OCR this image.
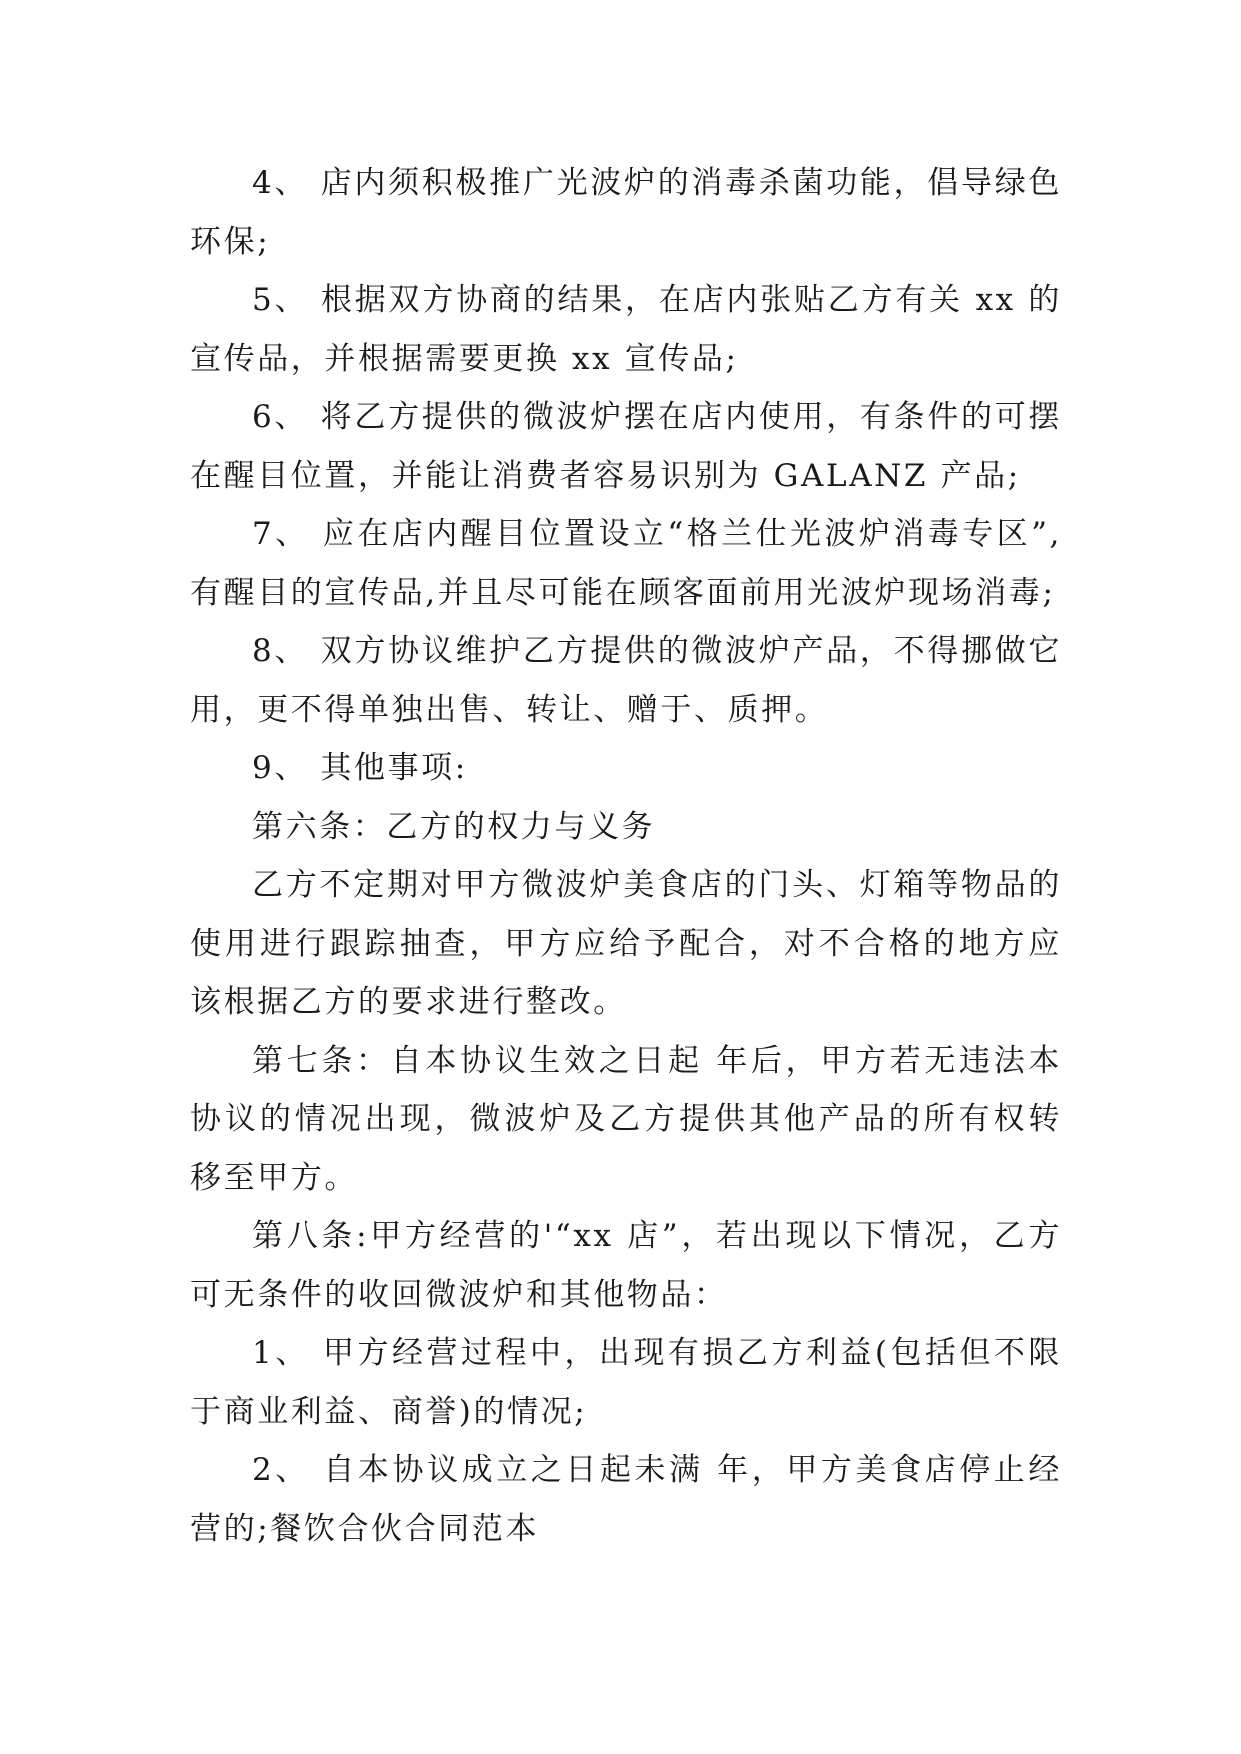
4、 店内须积极推广光波炉的消毒杀菌功能，倡导绿色环保;

5、 根据双方协商的结果，在店内张贴乙方有关 xx 的宣传品，并根据需要更换 xx 宣传品;

6、 将乙方提供的微波炉摆在店内使用，有条件的可摆在醒目位置，并能让消费者容易识别为 GALANZ 产品;

7、 应在店内醒目位置设立“格兰仕光波炉消毒专区”,有醒目的宣传品,并且尽可能在顾客面前用光波炉现场消毒;

8、 双方协议维护乙方提供的微波炉产品，不得挪做它用，更不得单独出售、转让、赠于、质押。

9、 其他事项:

第六条：乙方的权力与义务

乙方不定期对甲方微波炉美食店的门头、灯箱等物品的使用进行跟踪抽查，甲方应给予配合，对不合格的地方应该根据乙方的要求进行整改。

第七条：自本协议生效之日起 年后，甲方若无违法本协议的情况出现，微波炉及乙方提供其他产品的所有权转移至甲方。

第八条:甲方经营的'“xx 店”，若出现以下情况，乙方可无条件的收回微波炉和其他物品：

1、 甲方经营过程中，出现有损乙方利益(包括但不限于商业利益、商誉)的情况;

2、 自本协议成立之日起未满 年，甲方美食店停止经营的;餐饮合伙合同范本
